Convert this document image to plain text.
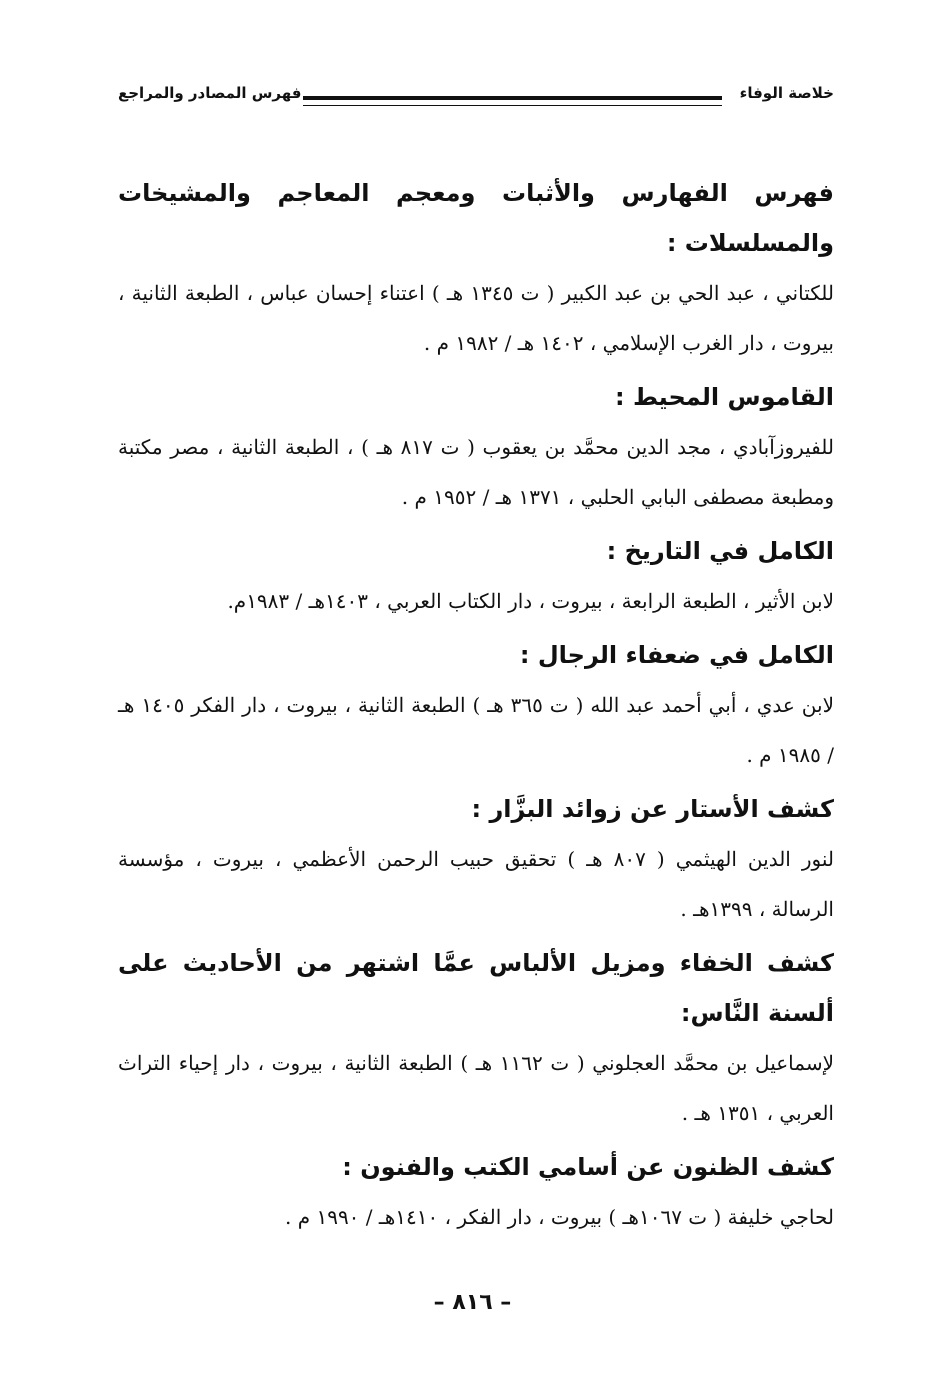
خلاصة الوفاء
فهرس المصادر والمراجع

فهرس الفهارس والأثبات ومعجم المعاجم والمشيخات والمسلسلات :

للكتاني ، عبد الحي بن عبد الكبير ( ت ١٣٤٥ هـ ) اعتناء إحسان عباس ، الطبعة الثانية ، بيروت ، دار الغرب الإسلامي ، ١٤٠٢ هـ / ١٩٨٢ م .

القاموس المحيط :

للفيروزآبادي ، مجد الدين محمَّد بن يعقوب ( ت ٨١٧ هـ ) ، الطبعة الثانية ، مصر مكتبة ومطبعة مصطفى البابي الحلبي ، ١٣٧١ هـ / ١٩٥٢ م .

الكامل في التاريخ :

لابن الأثير ، الطبعة الرابعة ، بيروت ، دار الكتاب العربي ، ١٤٠٣هـ / ١٩٨٣م.

الكامل في ضعفاء الرجال :

لابن عدي ، أبي أحمد عبد الله ( ت ٣٦٥ هـ ) الطبعة الثانية ، بيروت ، دار الفكر ١٤٠٥ هـ / ١٩٨٥ م .

كشف الأستار عن زوائد البزَّار :

لنور الدين الهيثمي ( ٨٠٧ هـ ) تحقيق حبيب الرحمن الأعظمي ، بيروت ، مؤسسة الرسالة ، ١٣٩٩هـ .

كشف الخفاء ومزيل الألباس عمَّا اشتهر من الأحاديث على ألسنة النَّاس:

لإسماعيل بن محمَّد العجلوني ( ت ١١٦٢ هـ ) الطبعة الثانية ، بيروت ، دار إحياء التراث العربي ، ١٣٥١ هـ .

كشف الظنون عن أسامي الكتب والفنون :

لحاجي خليفة ( ت ١٠٦٧هـ ) بيروت ، دار الفكر ، ١٤١٠هـ / ١٩٩٠ م .

– ٨١٦ –
